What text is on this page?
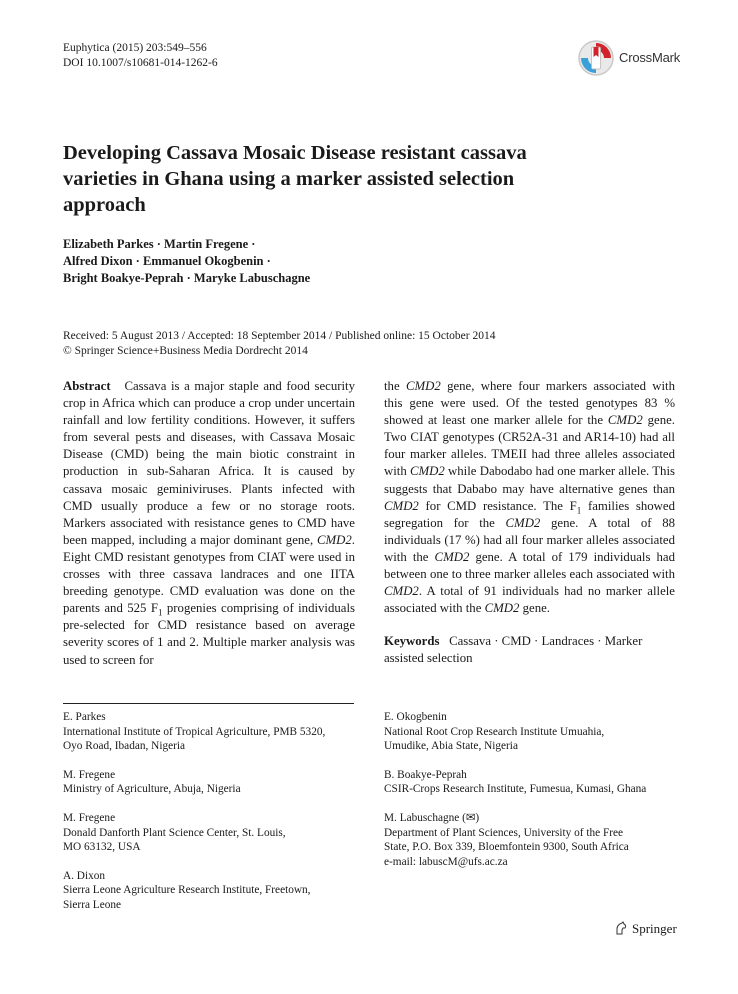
Euphytica (2015) 203:549–556
DOI 10.1007/s10681-014-1262-6	CrossMark
Developing Cassava Mosaic Disease resistant cassava
varieties in Ghana using a marker assisted selection
approach
Elizabeth Parkes · Martin Fregene ·
Alfred Dixon · Emmanuel Okogbenin ·
Bright Boakye-Peprah · Maryke Labuschagne
Received: 5 August 2013 / Accepted: 18 September 2014 / Published online: 15 October 2014
© Springer Science+Business Media Dordrecht 2014
Abstract Cassava is a major staple and food security crop in Africa which can produce a crop under uncertain rainfall and low fertility conditions. However, it suffers from several pests and diseases, with Cassava Mosaic Disease (CMD) being the main biotic constraint in production in sub-Saharan Africa. It is caused by cassava mosaic geminiviruses. Plants infected with CMD usually produce a few or no storage roots. Markers associated with resistance genes to CMD have been mapped, including a major dominant gene, CMD2. Eight CMD resistant genotypes from CIAT were used in crosses with three cassava landraces and one IITA breeding genotype. CMD evaluation was done on the parents and 525 $F_1$ progenies comprising of individuals pre-selected for CMD resistance based on average severity scores of 1 and 2. Multiple marker analysis was used to screen for
the CMD2 gene, where four markers associated with this gene were used. Of the tested genotypes 83 % showed at least one marker allele for the CMD2 gene. Two CIAT genotypes (CR52A-31 and AR14-10) had all four marker alleles. TMEII had three alleles associated with CMD2 while Dabodabo had one marker allele. This suggests that Dababo may have alternative genes than CMD2 for CMD resistance. The $F_1$ families showed segregation for the CMD2 gene. A total of 88 individuals (17 %) had all four marker alleles associated with the CMD2 gene. A total of 179 individuals had between one to three marker alleles each associated with CMD2. A total of 91 individuals had no marker allele associated with the CMD2 gene.
Keywords Cassava · CMD · Landraces · Marker assisted selection
E. Parkes
International Institute of Tropical Agriculture, PMB 5320,
Oyo Road, Ibadan, Nigeria
M. Fregene
Ministry of Agriculture, Abuja, Nigeria
M. Fregene
Donald Danforth Plant Science Center, St. Louis,
MO 63132, USA
A. Dixon
Sierra Leone Agriculture Research Institute, Freetown,
Sierra Leone
E. Okogbenin
National Root Crop Research Institute Umuahia,
Umudike, Abia State, Nigeria
B. Boakye-Peprah
CSIR-Crops Research Institute, Fumesua, Kumasi, Ghana
M. Labuschagne (✉)
Department of Plant Sciences, University of the Free
State, P.O. Box 339, Bloemfontein 9300, South Africa
e-mail: labuscM@ufs.ac.za
Springer
